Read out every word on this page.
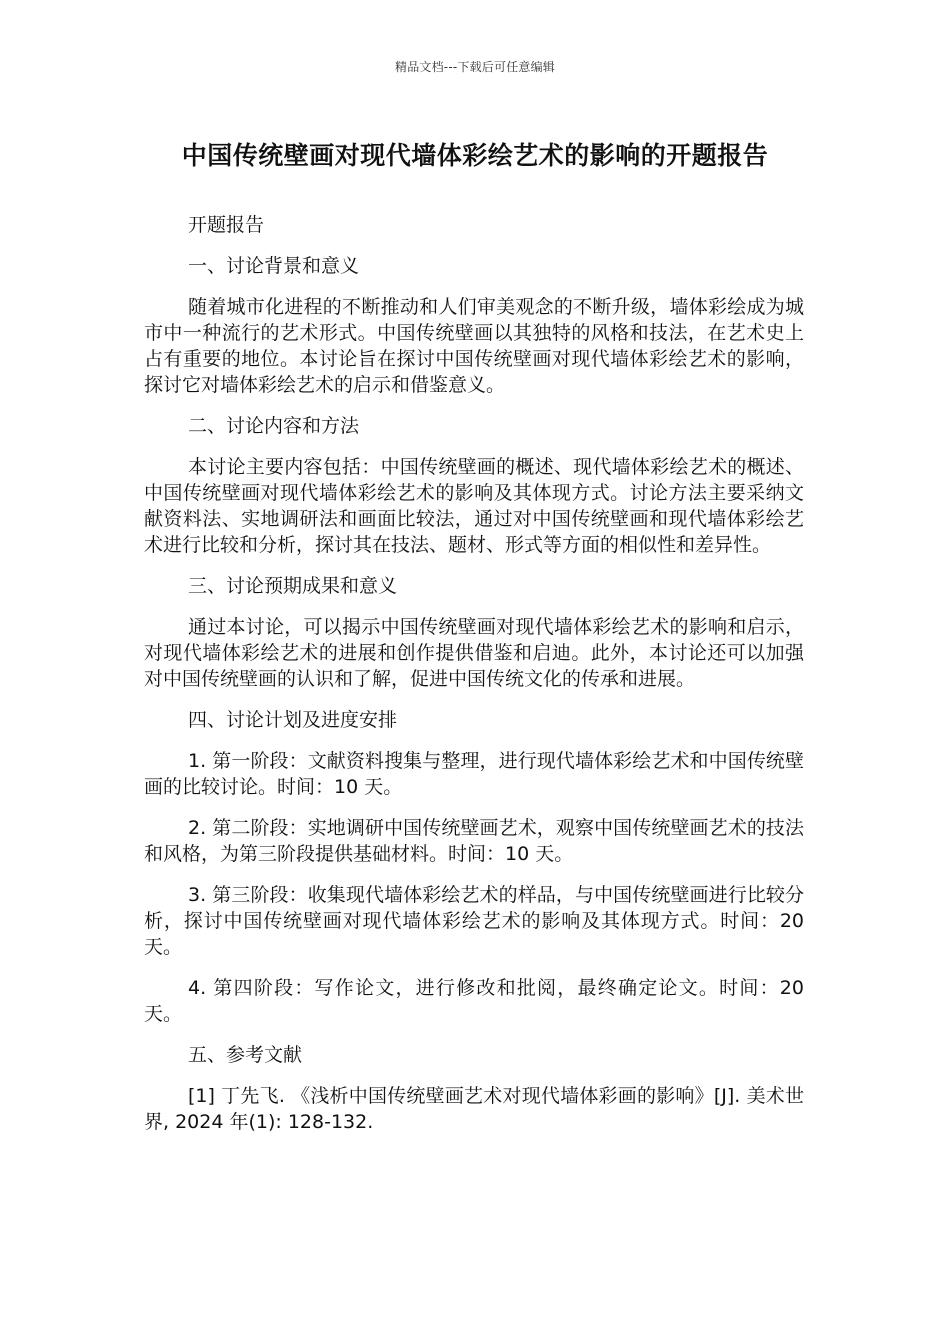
精品文档---下载后可任意编辑
中国传统壁画对现代墙体彩绘艺术的影响的开题报告

开题报告

一、讨论背景和意义

随着城市化进程的不断推动和人们审美观念的不断升级，墙体彩绘成为城市中一种流行的艺术形式。中国传统壁画以其独特的风格和技法，在艺术史上占有重要的地位。本讨论旨在探讨中国传统壁画对现代墙体彩绘艺术的影响，探讨它对墙体彩绘艺术的启示和借鉴意义。

二、讨论内容和方法

本讨论主要内容包括：中国传统壁画的概述、现代墙体彩绘艺术的概述、中国传统壁画对现代墙体彩绘艺术的影响及其体现方式。讨论方法主要采纳文献资料法、实地调研法和画面比较法，通过对中国传统壁画和现代墙体彩绘艺术进行比较和分析，探讨其在技法、题材、形式等方面的相似性和差异性。

三、讨论预期成果和意义

通过本讨论，可以揭示中国传统壁画对现代墙体彩绘艺术的影响和启示，对现代墙体彩绘艺术的进展和创作提供借鉴和启迪。此外，本讨论还可以加强对中国传统壁画的认识和了解，促进中国传统文化的传承和进展。

四、讨论计划及进度安排

1. 第一阶段：文献资料搜集与整理，进行现代墙体彩绘艺术和中国传统壁画的比较讨论。时间：10 天。

2. 第二阶段：实地调研中国传统壁画艺术，观察中国传统壁画艺术的技法和风格，为第三阶段提供基础材料。时间：10 天。

3. 第三阶段：收集现代墙体彩绘艺术的样品，与中国传统壁画进行比较分析，探讨中国传统壁画对现代墙体彩绘艺术的影响及其体现方式。时间：20 天。

4. 第四阶段：写作论文，进行修改和批阅，最终确定论文。时间：20 天。

五、参考文献

[1] 丁先飞. 《浅析中国传统壁画艺术对现代墙体彩画的影响》[J]. 美术世界, 2024 年(1): 128-132.
